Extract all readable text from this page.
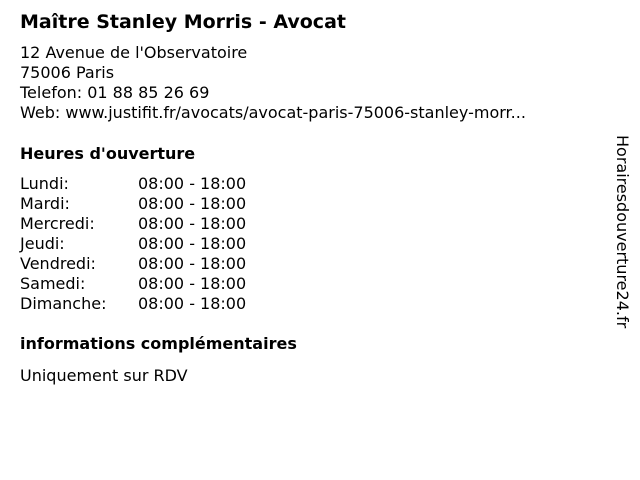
Maître Stanley Morris - Avocat
12 Avenue de l'Observatoire
75006 Paris
Telefon: 01 88 85 26 69
Web: www.justifit.fr/avocats/avocat-paris-75006-stanley-morr...
Heures d'ouverture
Lundi:	08:00 - 18:00
Mardi:	08:00 - 18:00
Mercredi:	08:00 - 18:00
Jeudi:	08:00 - 18:00
Vendredi:	08:00 - 18:00
Samedi:	08:00 - 18:00
Dimanche: 08:00 - 18:00
informations complémentaires
Uniquement sur RDV
Horairesdouverture24.fr
